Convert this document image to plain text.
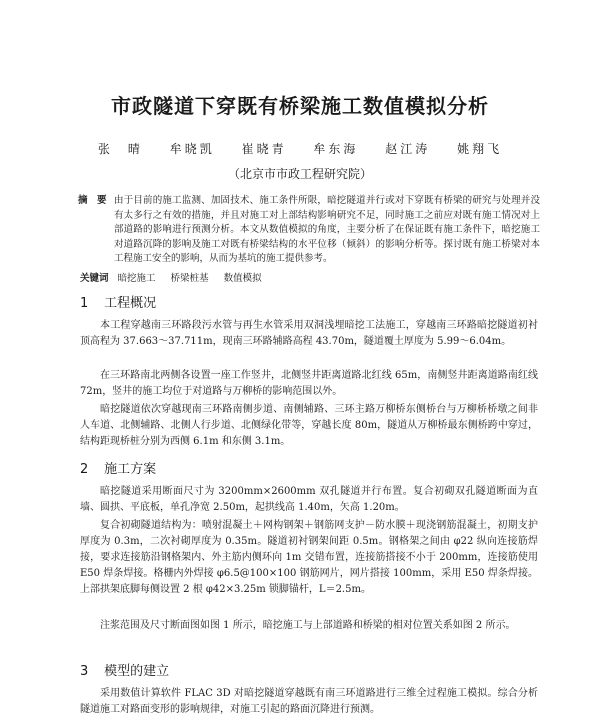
市政隧道下穿既有桥梁施工数值模拟分析
张　晴 牟晓凯 崔晓青 牟东海 赵江涛 姚翔飞
（北京市市政工程研究院）
摘　要 由于目前的施工监测、加固技术、施工条件所限，暗挖隧道并行或对下穿既有桥梁的研究与处理并没有太多行之有效的措施，并且对施工对上部结构影响研究不足，同时施工之前应对既有施工情况对上部道路的影响进行预测分析。本文从数值模拟的角度，主要分析了在保证既有施工条件下，暗挖施工对道路沉降的影响及施工对既有桥梁结构的水平位移（倾斜）的影响分析等。探讨既有施工桥梁对本工程施工安全的影响，从而为基坑的施工提供参考。
关键词 暗挖施工 桥梁桩基 数值模拟
1 工程概况
本工程穿越南三环路段污水管与再生水管采用双洞浅埋暗挖工法施工，穿越南三环路暗挖隧道初衬顶高程为 37.663～37.711m，现南三环路辅路高程 43.70m，隧道覆土厚度为 5.99～6.04m。
在三环路南北两侧各设置一座工作竖井，北侧竖井距离道路北红线 65m，南侧竖井距离道路南红线 72m，竖井的施工均位于对道路与万柳桥的影响范围以外。
暗挖隧道依次穿越现南三环路南侧步道、南侧辅路、三环主路万柳桥东侧桥台与万柳桥桥墩之间非人车道、北侧辅路、北侧人行步道、北侧绿化带等，穿越长度 80m，隧道从万柳桥最东侧桥跨中穿过，结构距现桥桩分别为西侧 6.1m 和东侧 3.1m。
2 施工方案
暗挖隧道采用断面尺寸为 3200mm×2600mm 双孔隧道并行布置。复合初砌双孔隧道断面为直墙、圆拱、平底板，单孔净宽 2.50m，起拱线高 1.40m，矢高 1.20m。
复合初砌隧道结构为：喷射混凝土＋网构钢架＋钢筋网支护－防水膜＋现浇钢筋混凝土，初期支护厚度为 0.3m，二次衬砌厚度为 0.35m。隧道初衬钢架间距 0.5m。钢格架之间由 φ22 纵向连接筋焊接，要求连接筋沿钢格架内、外主筋内侧环向 1m 交错布置，连接筋搭接不小于 200mm，连接筋使用 E50 焊条焊接。格栅内外焊接 φ6.5@100×100 钢筋网片，网片搭接 100mm，采用 E50 焊条焊接。上部拱架底脚每侧设置 2 根 φ42×3.25m 锁脚锚杆，L＝2.5m。
注浆范围及尺寸断面图如图 1 所示，暗挖施工与上部道路和桥梁的相对位置关系如图 2 所示。
3 模型的建立
采用数值计算软件 FLAC 3D 对暗挖隧道穿越既有南三环道路进行三维全过程施工模拟。综合分析隧道施工对路面变形的影响规律，对施工引起的路面沉降进行预测。
